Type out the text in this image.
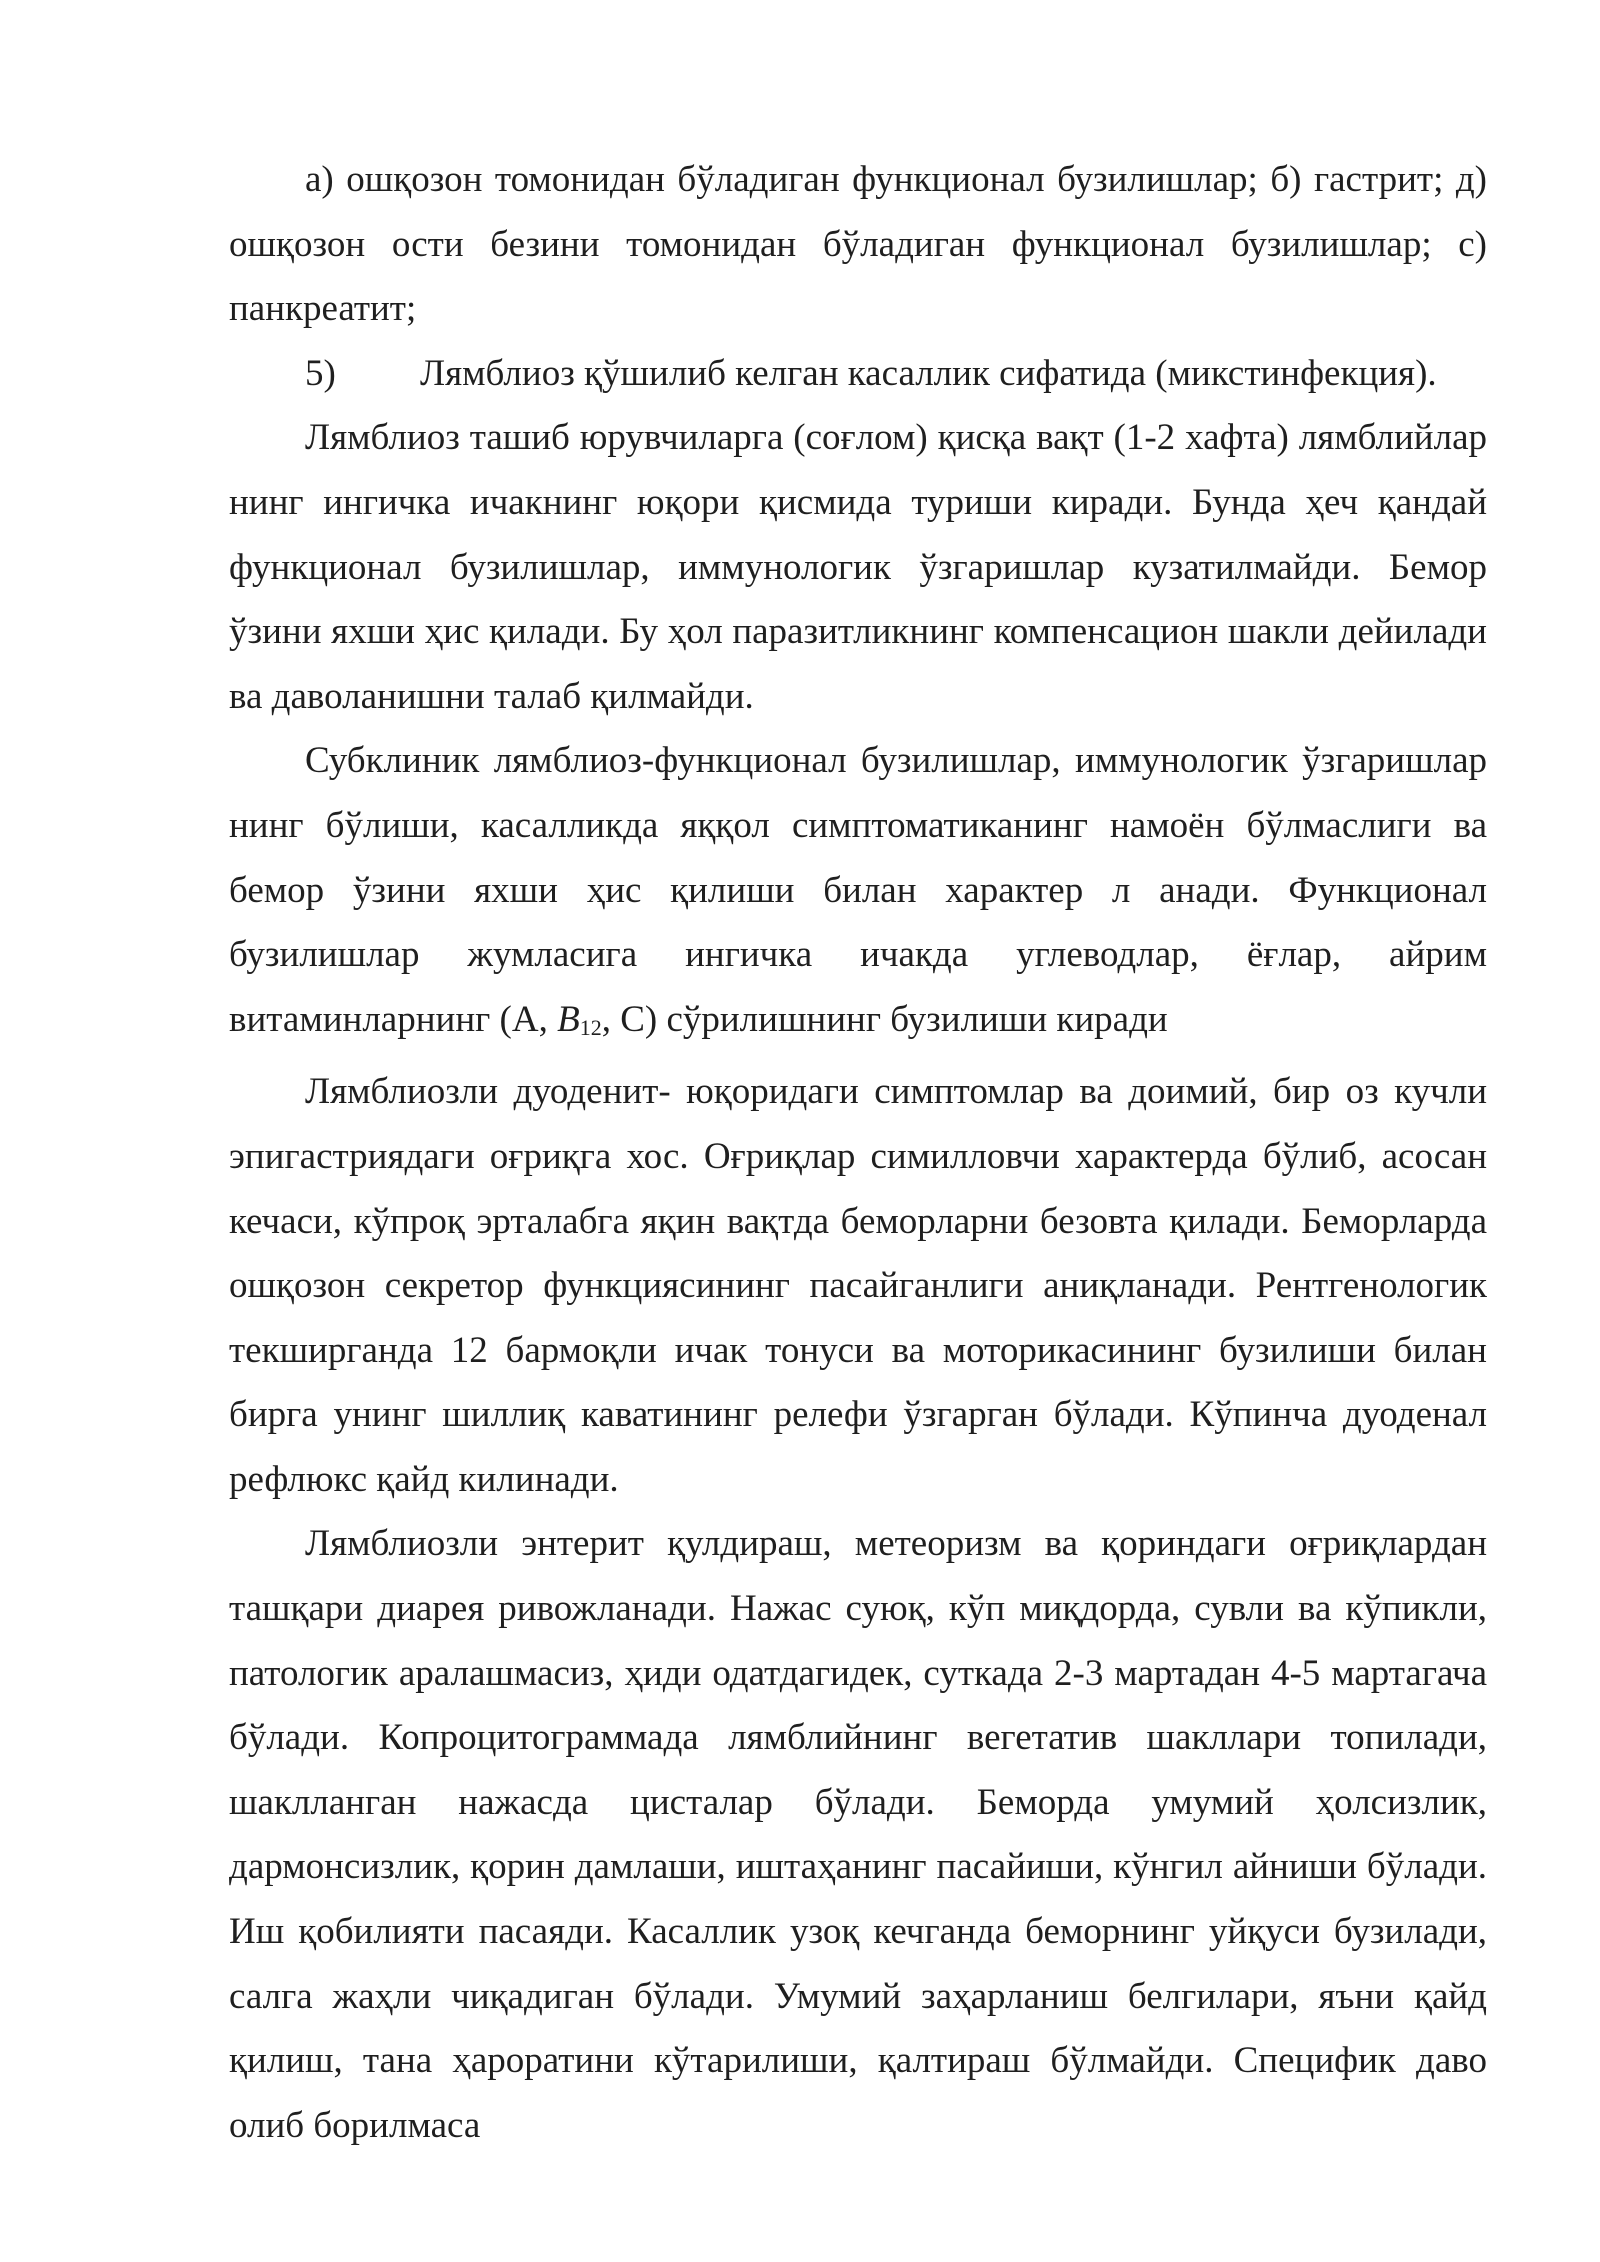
а) ошқозон томонидан бўладиган функционал бузилишлар; б) гастрит; д) ошқозон ости безини томонидан бўладиган функционал бузилишлар; с) панкреатит;

5) Лямблиоз қўшилиб келган касаллик сифатида (микстинфекция).

Лямблиоз ташиб юрувчиларга (соғлом) қисқа вақт (1-2 хафта) лямблийлар нинг ингичка ичакнинг юқори қисмида туриши киради. Бунда ҳеч қандай функционал бузилишлар, иммунологик ўзгаришлар кузатилмайди. Бемор ўзини яхши ҳис қилади. Бу ҳол паразитликнинг компенсацион шакли дейилади ва даволанишни талаб қилмайди.

Субклиник лямблиоз-функционал бузилишлар, иммунологик ўзгаришлар нинг бўлиши, касалликда яққол симптоматиканинг намоён бўлмаслиги ва бемор ўзини яхши ҳис қилиши билан характер л анади. Функционал бузилишлар жумласига ингичка ичакда углеводлар, ёғлар, айрим витаминларнинг (А, B12, С) сўрилишнинг бузилиши киради

Лямблиозли дуоденит- юқоридаги симптомлар ва доимий, бир оз кучли эпигастриядаги оғриқга хос. Оғриқлар симилловчи характерда бўлиб, асосан кечаси, кўпроқ эрталабга яқин вақтда беморларни безовта қилади. Беморларда ошқозон секретор функциясининг пасайганлиги аниқланади. Рентгенологик текширганда 12 бармоқли ичак тонуси ва моторикасининг бузилиши билан бирга унинг шиллиқ каватининг релефи ўзгарган бўлади. Кўпинча дуоденал рефлюкс қайд килинади.

Лямблиозли энтерит қулдираш, метеоризм ва қориндаги оғриқлардан ташқари диарея ривожланади. Нажас суюқ, кўп миқдорда, сувли ва кўпикли, патологик аралашмасиз, ҳиди одатдагидек, суткада 2-3 мартадан 4-5 мартагача бўлади. Копроцитограммада лямблийнинг вегетатив шакллари топилади, шаклланган нажасда цисталар бўлади. Беморда умумий ҳолсизлик, дармонсизлик, қорин дамлаши, иштаҳанинг пасайиши, кўнгил айниши бўлади. Иш қобилияти пасаяди. Касаллик узоқ кечганда беморнинг уйқуси бузилади, салга жаҳли чиқадиган бўлади. Умумий заҳарланиш белгилари, яъни қайд қилиш, тана ҳароратини кўтарилиши, қалтираш бўлмайди. Специфик даво олиб борилмаса
